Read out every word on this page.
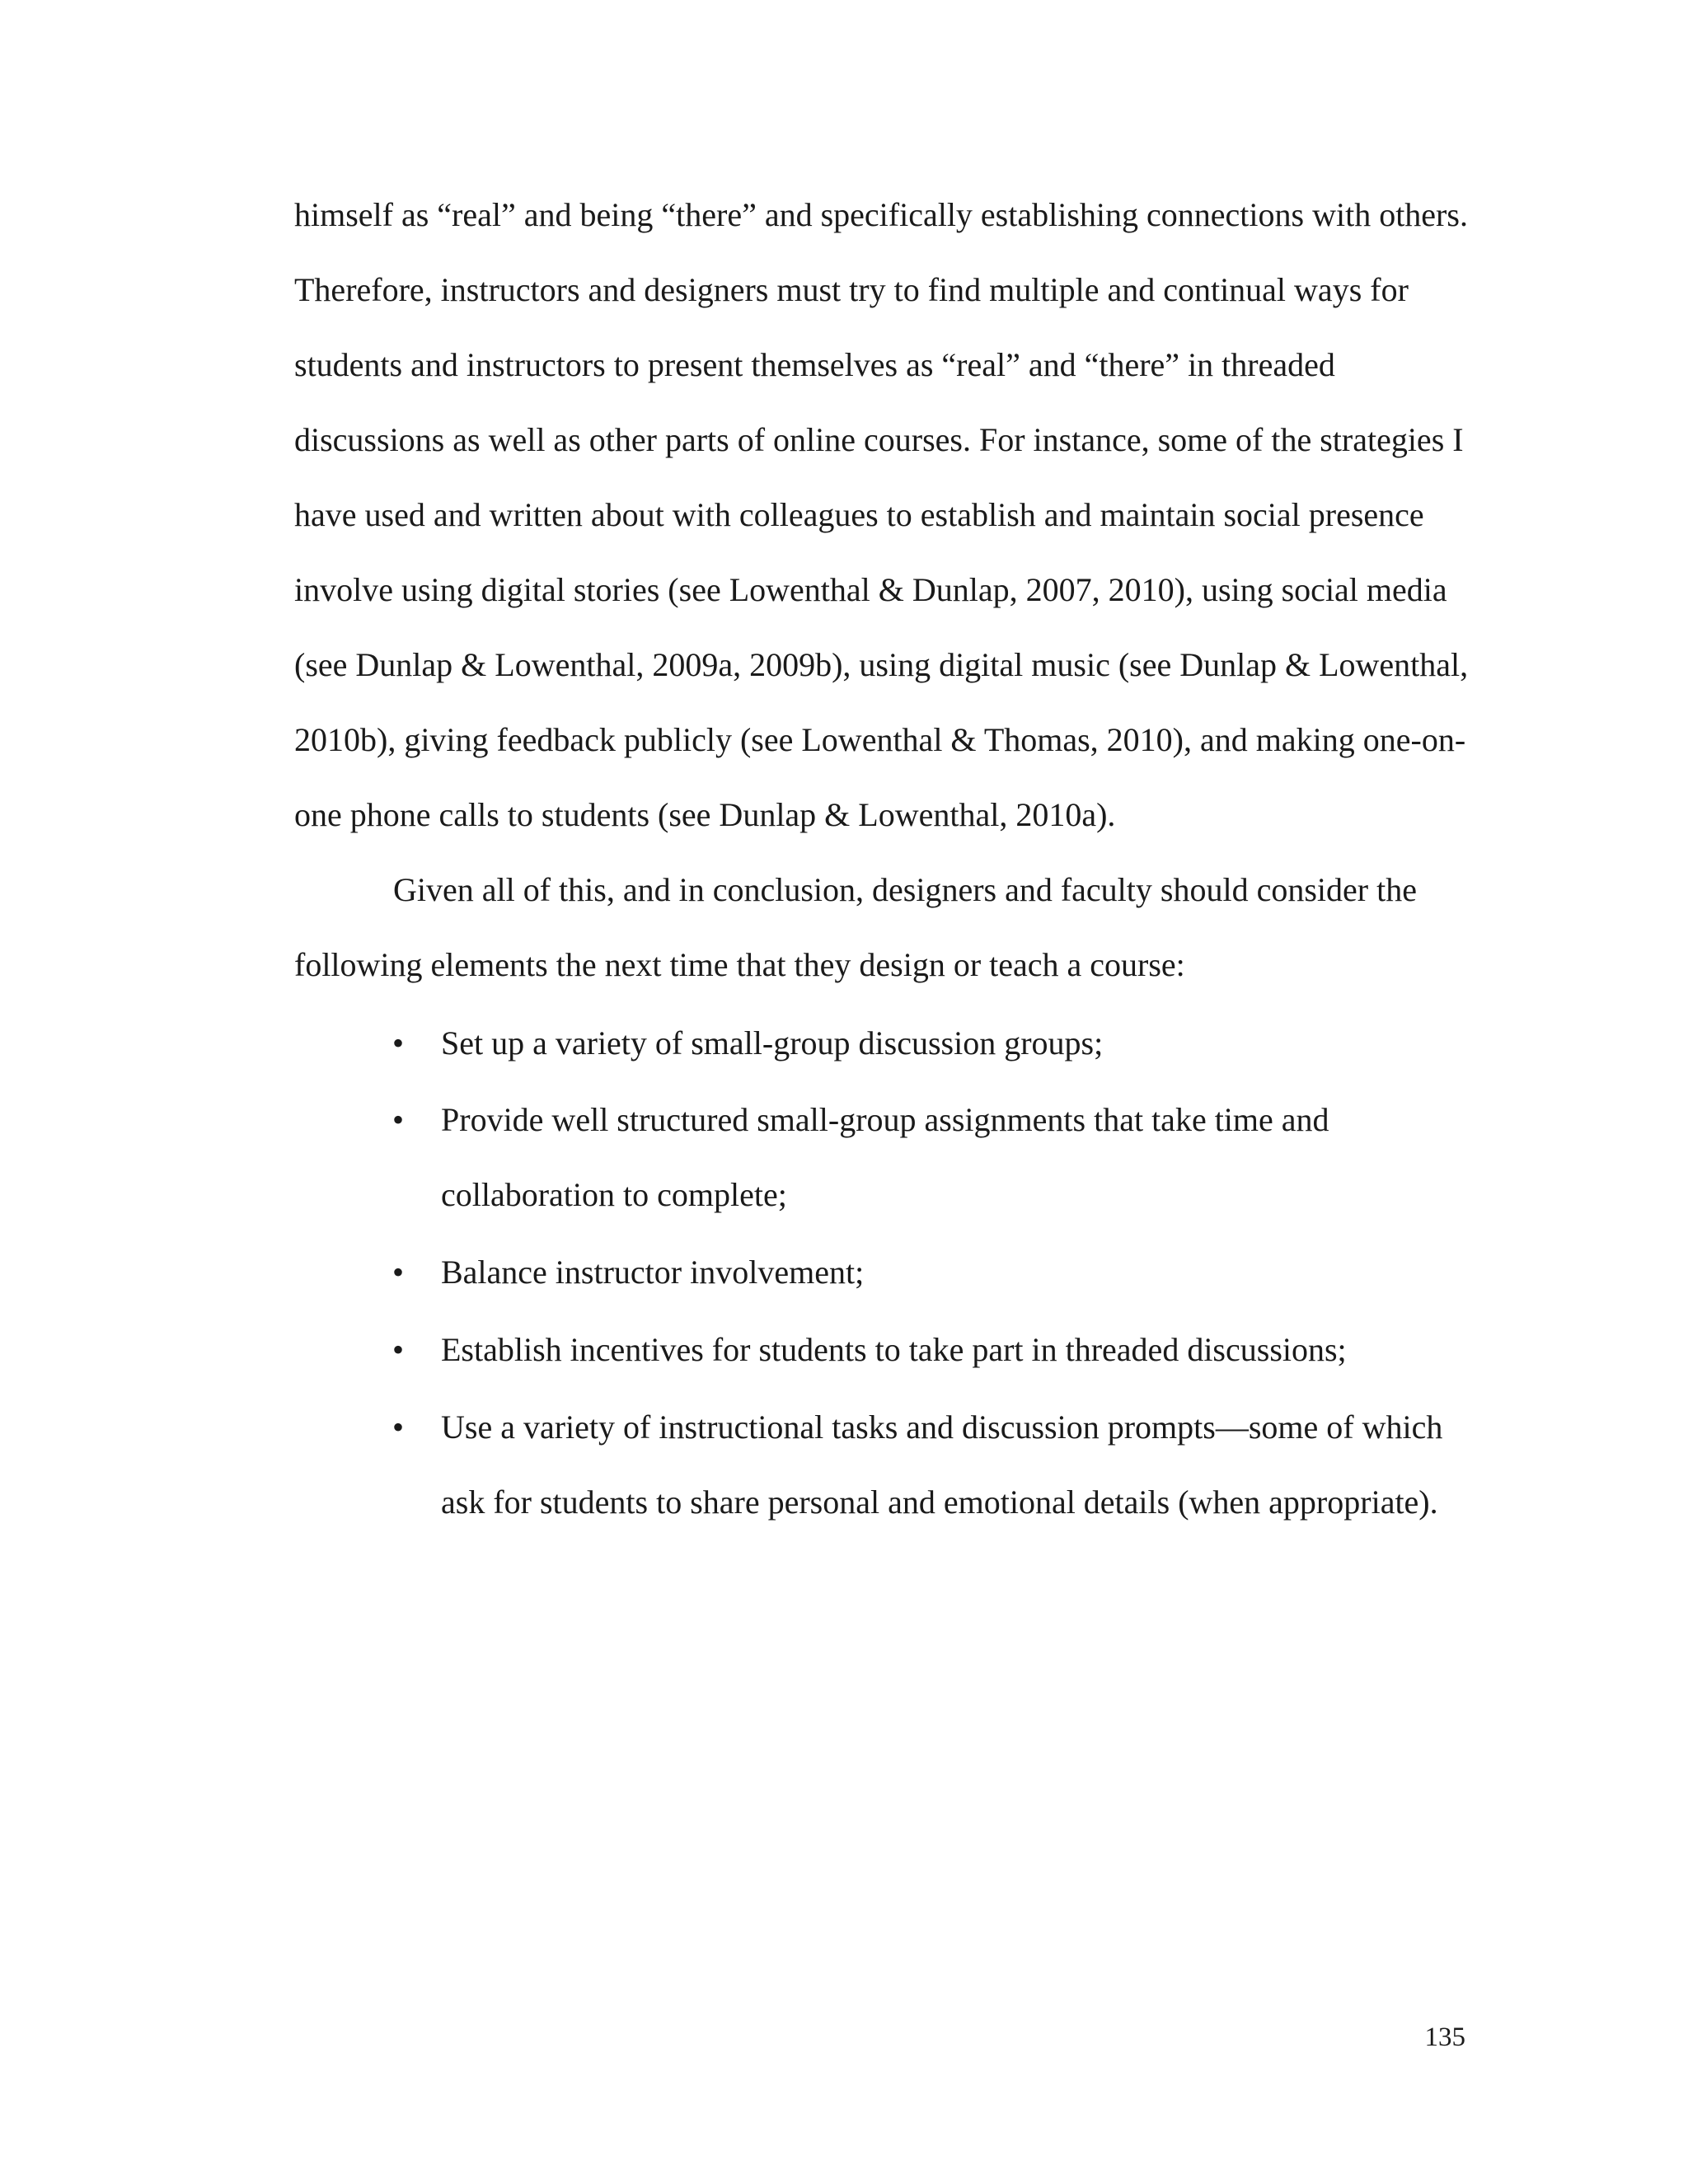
himself as “real” and being “there” and specifically establishing connections with others.

Therefore, instructors and designers must try to find multiple and continual ways for

students and instructors to present themselves as “real” and “there” in threaded

discussions as well as other parts of online courses. For instance, some of the strategies I

have used and written about with colleagues to establish and maintain social presence

involve using digital stories (see Lowenthal & Dunlap, 2007, 2010), using social media

(see Dunlap & Lowenthal, 2009a, 2009b), using digital music (see Dunlap & Lowenthal,

2010b), giving feedback publicly (see Lowenthal & Thomas, 2010), and making one-on-

one phone calls to students (see Dunlap & Lowenthal, 2010a).

Given all of this, and in conclusion, designers and faculty should consider the

following elements the next time that they design or teach a course:

• Set up a variety of small-group discussion groups;
• Provide well structured small-group assignments that take time and
collaboration to complete;
• Balance instructor involvement;
• Establish incentives for students to take part in threaded discussions;
• Use a variety of instructional tasks and discussion prompts—some of which
ask for students to share personal and emotional details (when appropriate).
135
